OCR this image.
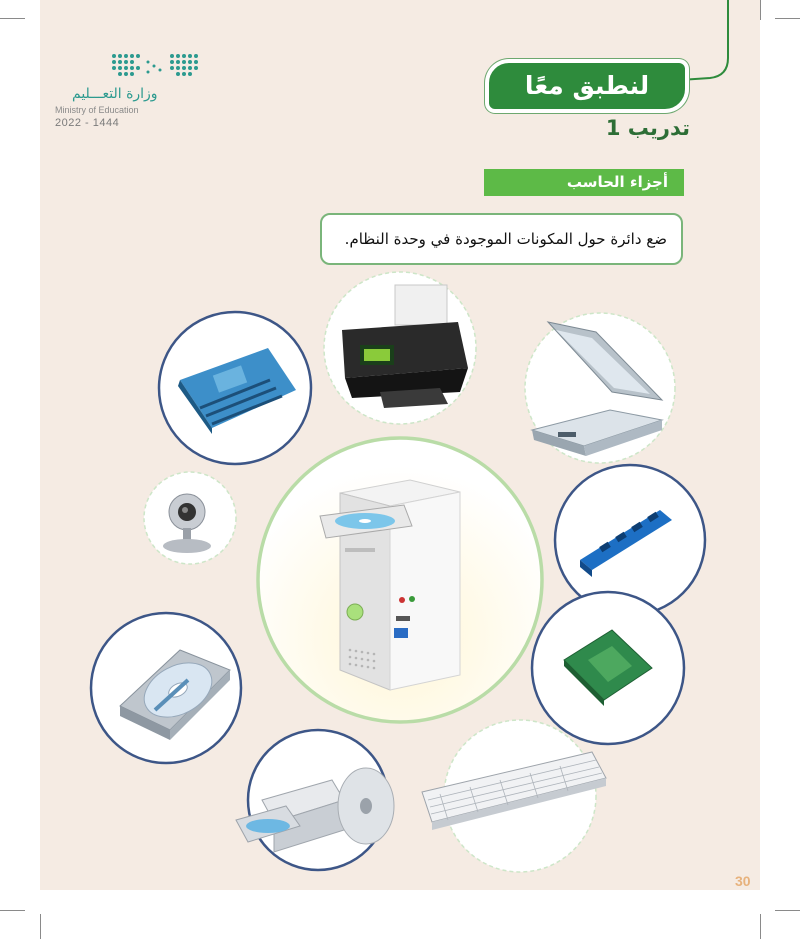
وزارة التعـــليم
Ministry of Education
2022 - 1444
لنطبق معًا
تدريب 1
أجزاء الحاسب
ضع دائرة حول المكونات الموجودة في وحدة النظام.
30
